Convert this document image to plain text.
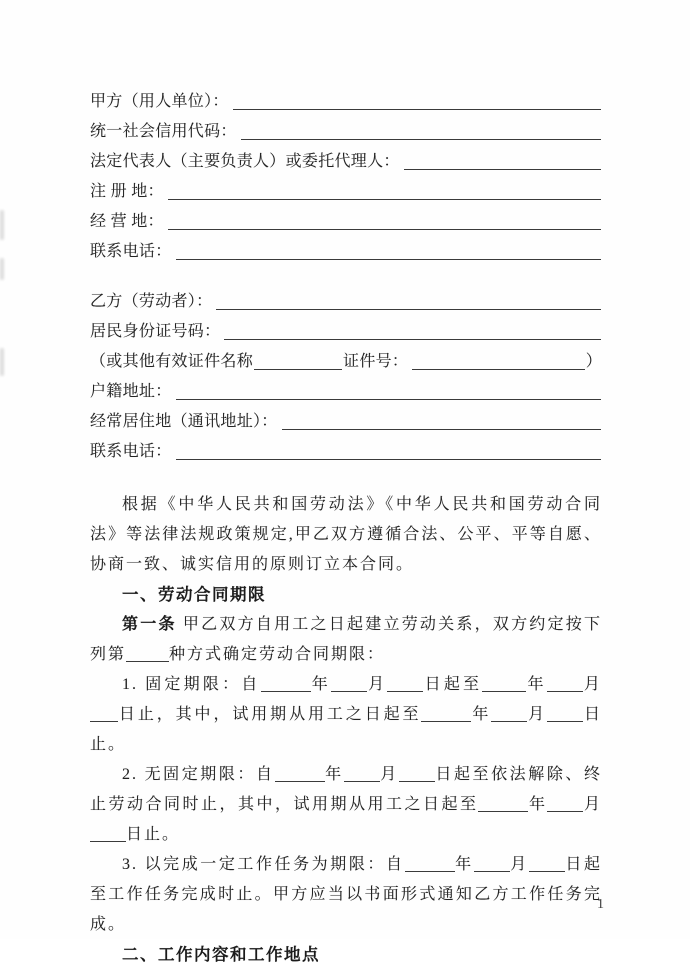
甲方（用人单位）：
统一社会信用代码：
法定代表人（主要负责人）或委托代理人：
注 册 地：
经 营 地：
联系电话：
乙方（劳动者）：
居民身份证号码：
（或其他有效证件名称	证件号：	）
户籍地址：
经常居住地（通讯地址）：
联系电话：

根据《中华人民共和国劳动法》《中华人民共和国劳动合同法》等法律法规政策规定,甲乙双方遵循合法、公平、平等自愿、协商一致、诚实信用的原则订立本合同。

一、劳动合同期限

第一条 甲乙双方自用工之日起建立劳动关系，双方约定按下列第	种方式确定劳动合同期限：

1. 固定期限：自	年 月 日起至	年 月日止，其中，试用期从用工之日起至	年 月 日止。

2. 无固定期限：自	年 月 日起至依法解除、终止劳动合同时止，其中，试用期从用工之日起至	年 月日止。

3. 以完成一定工作任务为期限：自	年 月 日起至工作任务完成时止。甲方应当以书面形式通知乙方工作任务完成。

二、工作内容和工作地点

1
